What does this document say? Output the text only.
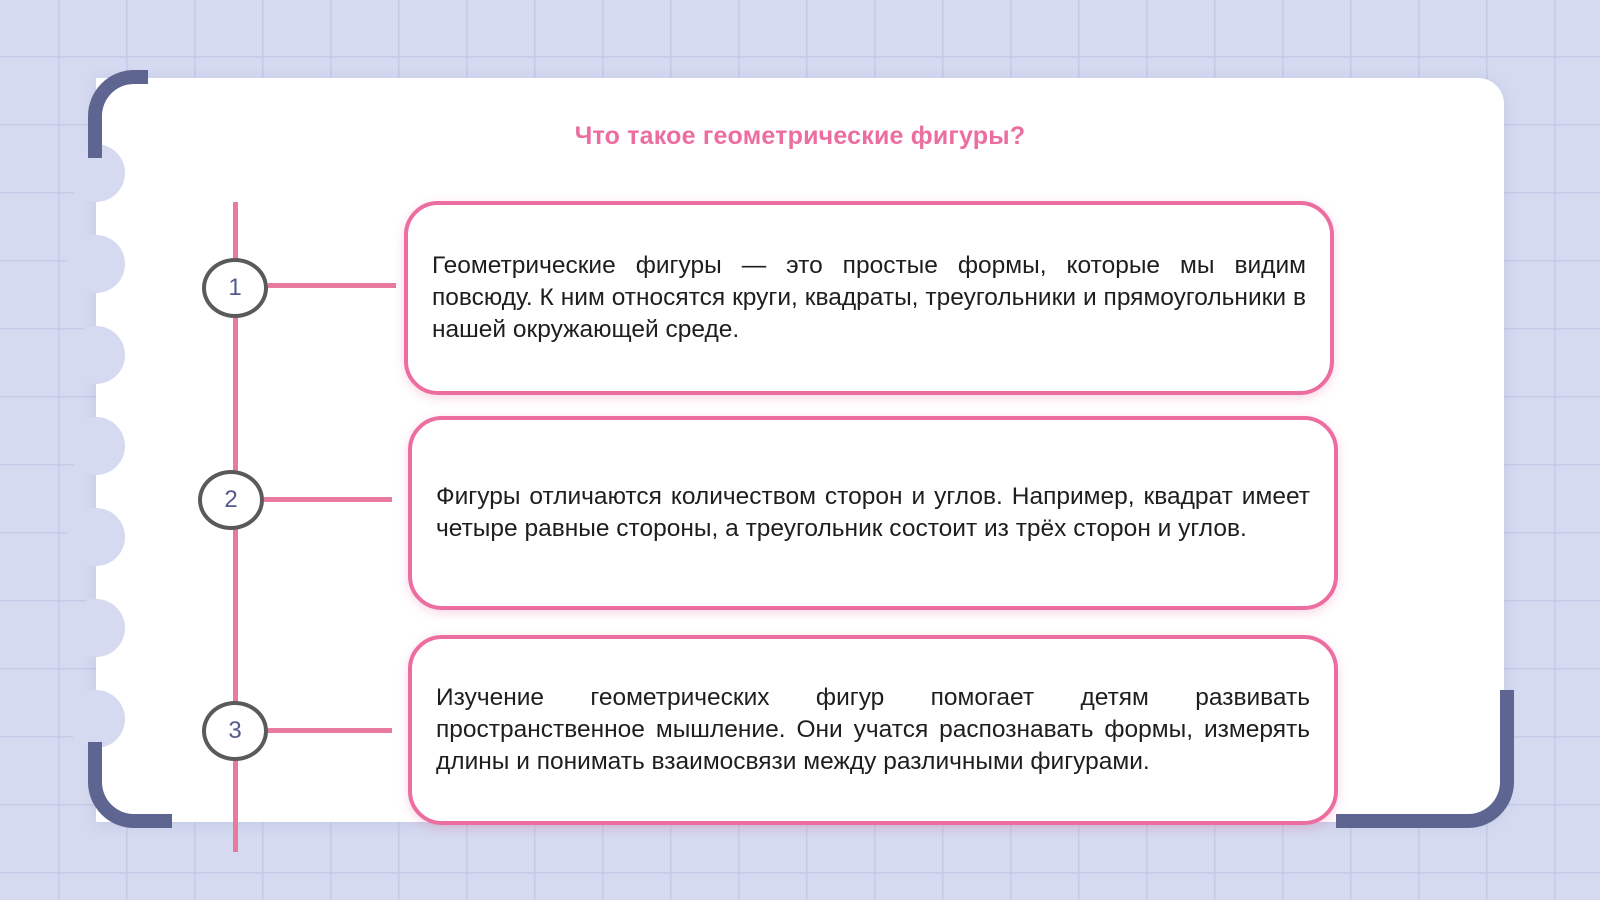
Что такое геометрические фигуры?
1
2
3

Геометрические фигуры — это простые формы, которые мы видим повсюду. К ним относятся круги, квадраты, треугольники и прямоугольники в нашей окружающей среде.

Фигуры отличаются количеством сторон и углов. Например, квадрат имеет четыре равные стороны, а треугольник состоит из трёх сторон и углов.

Изучение геометрических фигур помогает детям развивать пространственное мышление. Они учатся распознавать формы, измерять длины и понимать взаимосвязи между различными фигурами.
